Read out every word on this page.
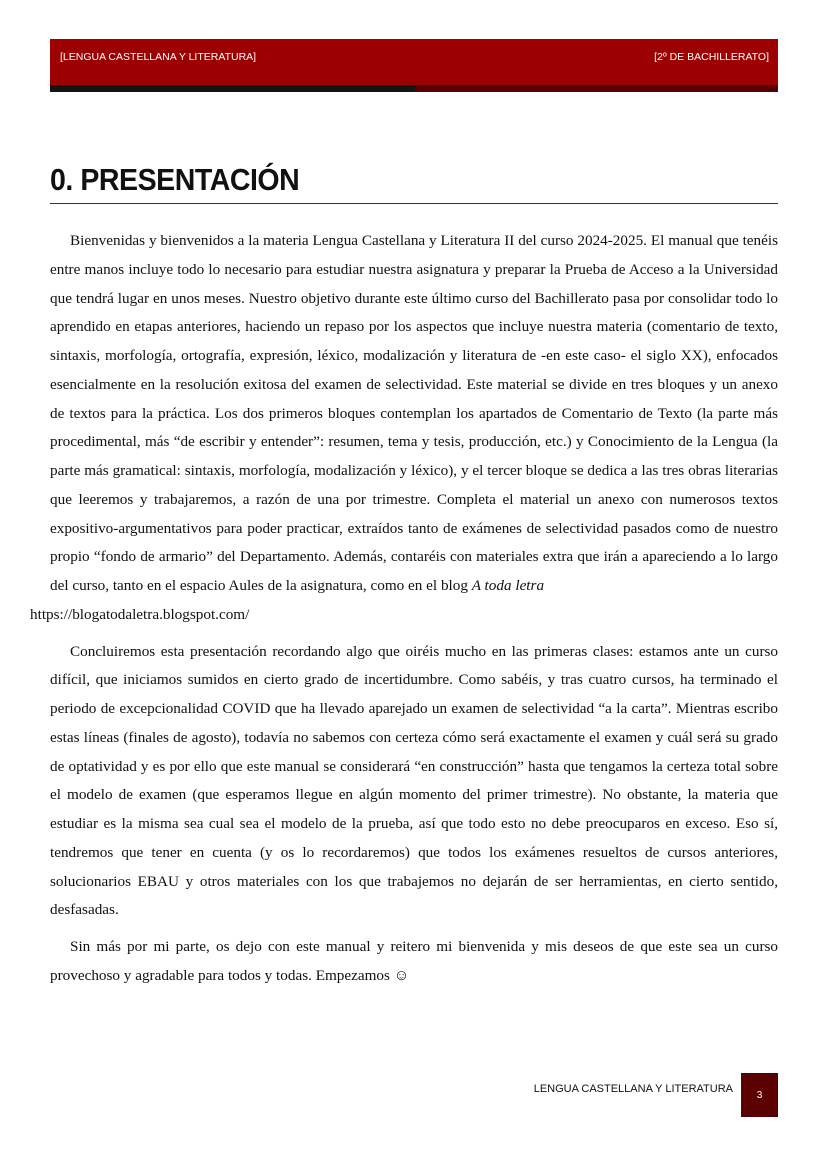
[LENGUA CASTELLANA Y LITERATURA]	[2º DE BACHILLERATO]
0. PRESENTACIÓN

Bienvenidas y bienvenidos a la materia Lengua Castellana y Literatura II del curso 2024-2025. El manual que tenéis entre manos incluye todo lo necesario para estudiar nuestra asignatura y preparar la Prueba de Acceso a la Universidad que tendrá lugar en unos meses. Nuestro objetivo durante este último curso del Bachillerato pasa por consolidar todo lo aprendido en etapas anteriores, haciendo un repaso por los aspectos que incluye nuestra materia (comentario de texto, sintaxis, morfología, ortografía, expresión, léxico, modalización y literatura de -en este caso- el siglo XX), enfocados esencialmente en la resolución exitosa del examen de selectividad. Este material se divide en tres bloques y un anexo de textos para la práctica. Los dos primeros bloques contemplan los apartados de Comentario de Texto (la parte más procedimental, más “de escribir y entender”: resumen, tema y tesis, producción, etc.) y Conocimiento de la Lengua (la parte más gramatical: sintaxis, morfología, modalización y léxico), y el tercer bloque se dedica a las tres obras literarias que leeremos y trabajaremos, a razón de una por trimestre. Completa el material un anexo con numerosos textos expositivo-argumentativos para poder practicar, extraídos tanto de exámenes de selectividad pasados como de nuestro propio “fondo de armario” del Departamento. Además, contaréis con materiales extra que irán a apareciendo a lo largo del curso, tanto en el espacio Aules de la asignatura, como en el blog A toda letra
https://blogatodaletra.blogspot.com/

Concluiremos esta presentación recordando algo que oiréis mucho en las primeras clases: estamos ante un curso difícil, que iniciamos sumidos en cierto grado de incertidumbre. Como sabéis, y tras cuatro cursos, ha terminado el periodo de excepcionalidad COVID que ha llevado aparejado un examen de selectividad “a la carta”. Mientras escribo estas líneas (finales de agosto), todavía no sabemos con certeza cómo será exactamente el examen y cuál será su grado de optatividad y es por ello que este manual se considerará “en construcción” hasta que tengamos la certeza total sobre el modelo de examen (que esperamos llegue en algún momento del primer trimestre). No obstante, la materia que estudiar es la misma sea cual sea el modelo de la prueba, así que todo esto no debe preocuparos en exceso. Eso sí, tendremos que tener en cuenta (y os lo recordaremos) que todos los exámenes resueltos de cursos anteriores, solucionarios EBAU y otros materiales con los que trabajemos no dejarán de ser herramientas, en cierto sentido, desfasadas.

Sin más por mi parte, os dejo con este manual y reitero mi bienvenida y mis deseos de que este sea un curso provechoso y agradable para todos y todas. Empezamos ☺

LENGUA CASTELLANA Y LITERATURA	3
